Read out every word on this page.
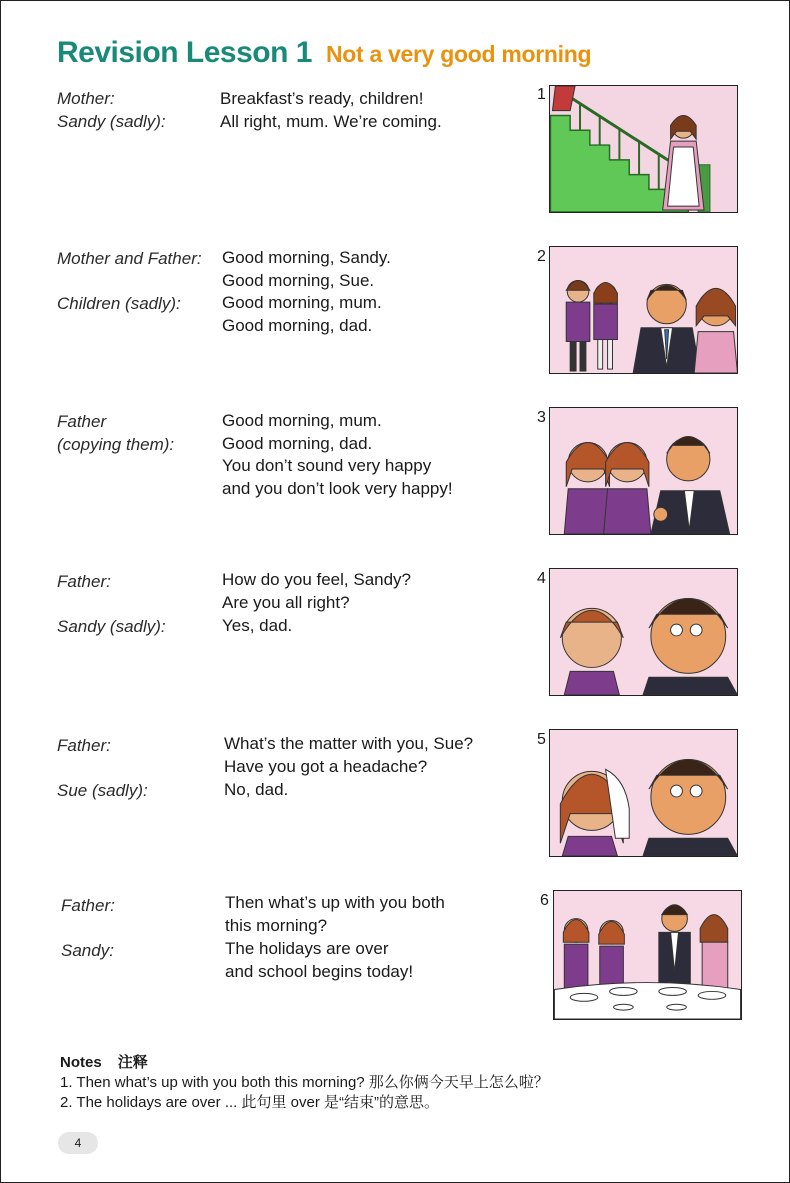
Revision Lesson 1 Not a very good morning
Mother:
Sandy (sadly):
Breakfast’s ready, children!
All right, mum. We’re coming.
1
Mother and Father:
Children (sadly):
Good morning, Sandy.
Good morning, Sue.
Good morning, mum.
Good morning, dad.
2
Father
(copying them):
Good morning, mum.
Good morning, dad.
You don’t sound very happy
and you don’t look very happy!
3
Father:
Sandy (sadly):
How do you feel, Sandy?
Are you all right?
Yes, dad.
4
Father:
Sue (sadly):
What’s the matter with you, Sue?
Have you got a headache?
No, dad.
5
Father:
Sandy:
Then what’s up with you both
this morning?
The holidays are over
and school begins today!
6
Notes 注释
1. Then what’s up with you both this morning? 那么你俩今天早上怎么啦？
2. The holidays are over ... 此句里 over 是“结束”的意思。
4
